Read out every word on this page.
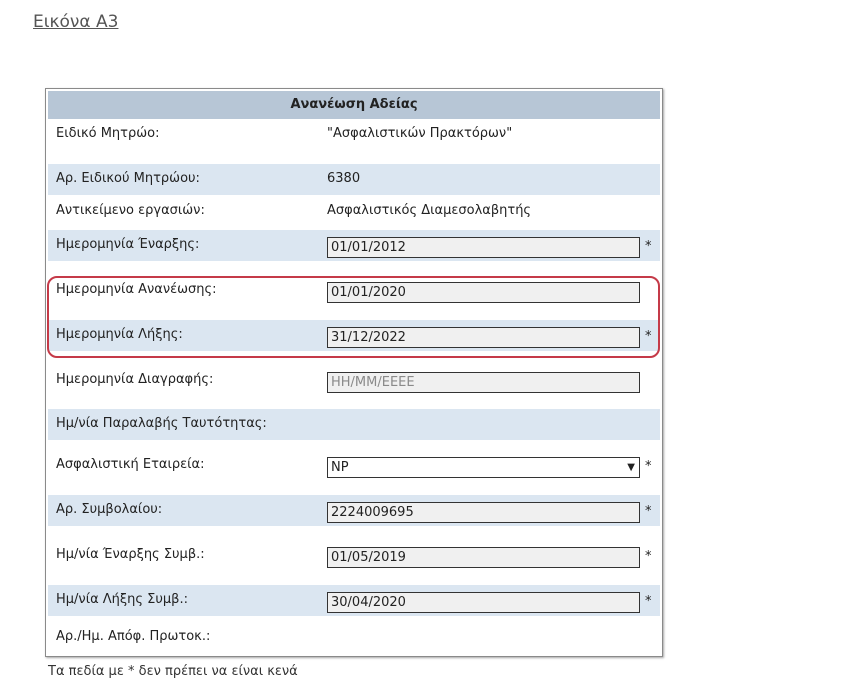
Εικόνα Α3
Ανανέωση Αδείας
Ειδικό Μητρώο:	"Ασφαλιστικών Πρακτόρων"
Αρ. Ειδικού Μητρώου:	6380
Αντικείμενο εργασιών:	Ασφαλιστικός Διαμεσολαβητής
Ημερομηνία Έναρξης:	01/01/2012	*
Ημερομηνία Ανανέωσης:	01/01/2020
Ημερομηνία Λήξης:	31/12/2022	*
Ημερομηνία Διαγραφής:	ΗΗ/ΜΜ/ΕΕΕΕ
Ημ/νία Παραλαβής Ταυτότητας:
Ασφαλιστική Εταιρεία:	NP	▼ *
Αρ. Συμβολαίου:	2224009695	*
Ημ/νία Έναρξης Συμβ.:	01/05/2019	*
Ημ/νία Λήξης Συμβ.:	30/04/2020	*
Αρ./Ημ. Απόφ. Πρωτοκ.:
Τα πεδία με * δεν πρέπει να είναι κενά
